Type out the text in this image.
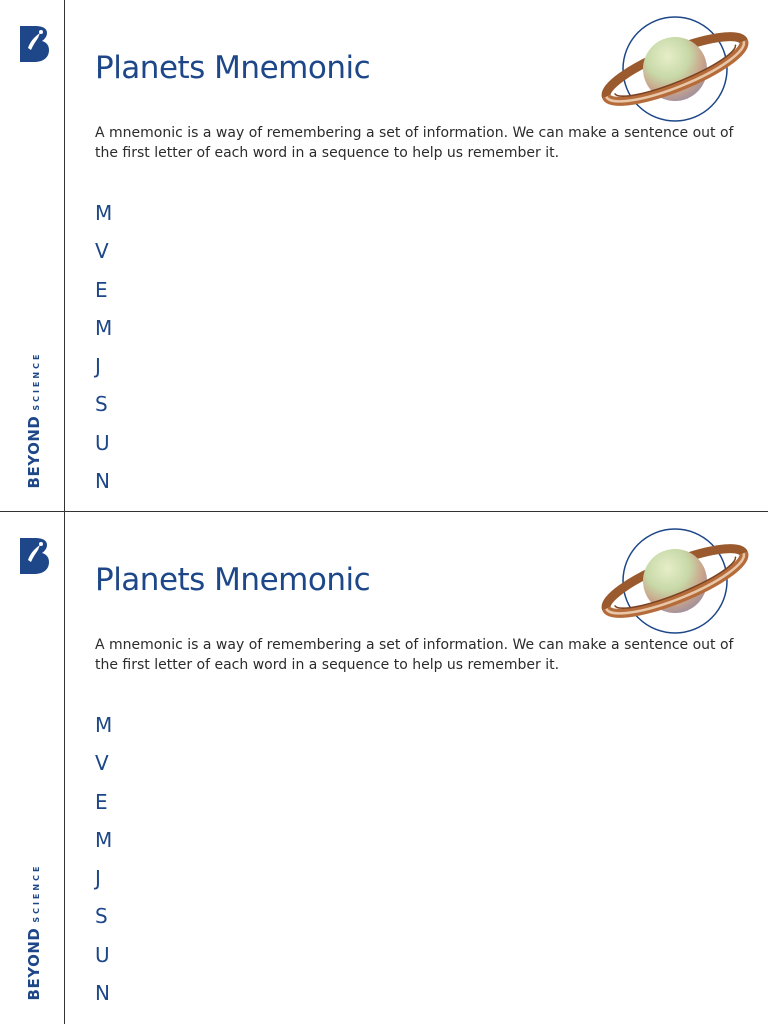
BEYONDSCIENCE
Planets Mnemonic

A mnemonic is a way of remembering a set of information. We can make a sentence out of the first letter of each word in a sequence to help us remember it.

M
V
E
M
J
S
U
N
BEYONDSCIENCE
Planets Mnemonic

A mnemonic is a way of remembering a set of information. We can make a sentence out of the first letter of each word in a sequence to help us remember it.

M
V
E
M
J
S
U
N
